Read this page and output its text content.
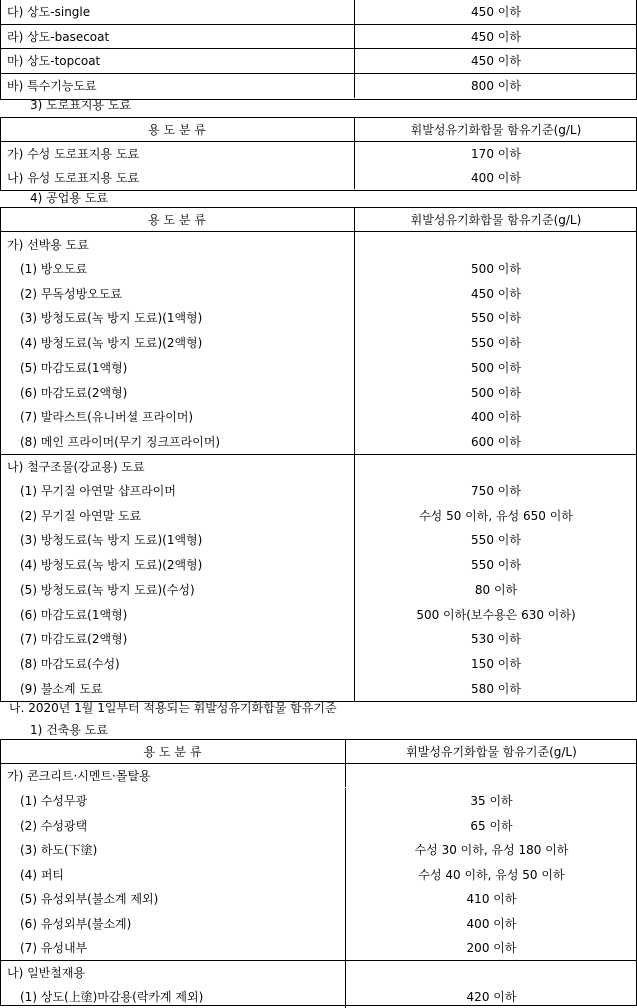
다) 상도-single	450 이하
라) 상도-basecoat	450 이하
마) 상도-topcoat	450 이하
바) 특수기능도료	800 이하
3) 도로표지용 도료
용 도 분 류	휘발성유기화합물 함유기준(g/L)
가) 수성 도로표지용 도료	170 이하
나) 유성 도로표지용 도료	400 이하
4) 공업용 도료
용 도 분 류	휘발성유기화합물 함유기준(g/L)
가) 선박용 도료
(1) 방오도료	500 이하
(2) 무독성방오도료	450 이하
(3) 방청도료(녹 방지 도료)(1액형)	550 이하
(4) 방청도료(녹 방지 도료)(2액형)	550 이하
(5) 마감도료(1액형)	500 이하
(6) 마감도료(2액형)	500 이하
(7) 발라스트(유니버셜 프라이머)	400 이하
(8) 메인 프라이머(무기 징크프라이머)	600 이하
나) 철구조물(강교용) 도료
(1) 무기질 아연말 샵프라이머	750 이하
(2) 무기질 아연말 도료	수성 50 이하, 유성 650 이하
(3) 방청도료(녹 방지 도료)(1액형)	550 이하
(4) 방청도료(녹 방지 도료)(2액형)	550 이하
(5) 방청도료(녹 방지 도료)(수성)	80 이하
(6) 마감도료(1액형)	500 이하(보수용은 630 이하)
(7) 마감도료(2액형)	530 이하
(8) 마감도료(수성)	150 이하
(9) 불소계 도료	580 이하
나. 2020년 1월 1일부터 적용되는 휘발성유기화합물 함유기준
1) 건축용 도료
용 도 분 류	휘발성유기화합물 함유기준(g/L)
가) 콘크리트·시멘트·몰탈용
(1) 수성무광	35 이하
(2) 수성광택	65 이하
(3) 하도(下塗)	수성 30 이하, 유성 180 이하
(4) 퍼티	수성 40 이하, 유성 50 이하
(5) 유성외부(불소계 제외)	410 이하
(6) 유성외부(불소계)	400 이하
(7) 유성내부	200 이하
나) 일반철재용
(1) 상도(上塗)마감용(락카계 제외)	420 이하
